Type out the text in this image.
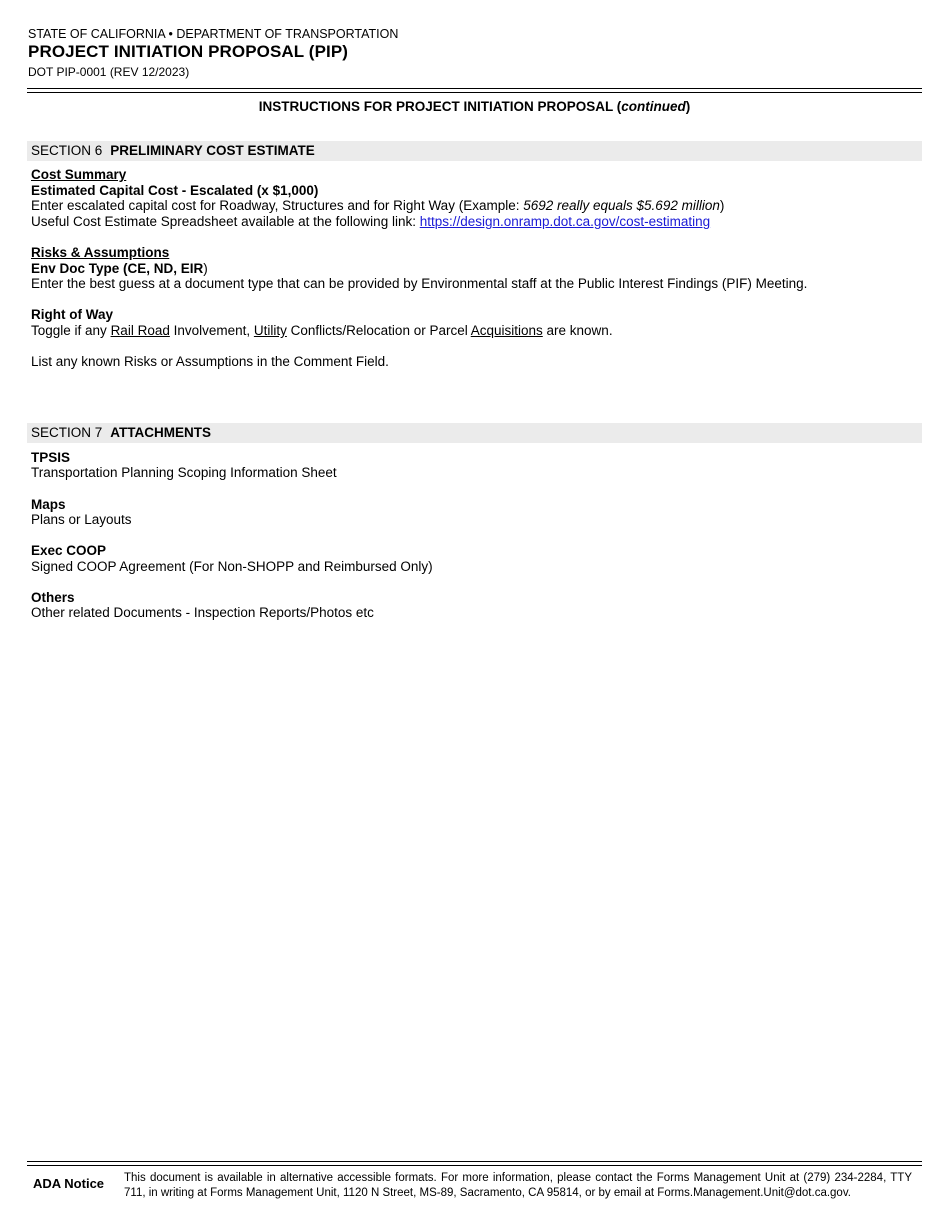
STATE OF CALIFORNIA • DEPARTMENT OF TRANSPORTATION
PROJECT INITIATION PROPOSAL (PIP)
DOT PIP-0001 (REV 12/2023)
INSTRUCTIONS FOR PROJECT INITIATION PROPOSAL (continued)
SECTION 6 PRELIMINARY COST ESTIMATE
Cost Summary
Estimated Capital Cost - Escalated (x $1,000)
Enter escalated capital cost for Roadway, Structures and for Right Way (Example: 5692 really equals $5.692 million)
Useful Cost Estimate Spreadsheet available at the following link: https://design.onramp.dot.ca.gov/cost-estimating
Risks & Assumptions
Env Doc Type (CE, ND, EIR)
Enter the best guess at a document type that can be provided by Environmental staff at the Public Interest Findings (PIF) Meeting.
Right of Way
Toggle if any Rail Road Involvement, Utility Conflicts/Relocation or Parcel Acquisitions are known.
List any known Risks or Assumptions in the Comment Field.
SECTION 7 ATTACHMENTS
TPSIS
Transportation Planning Scoping Information Sheet
Maps
Plans or Layouts
Exec COOP
Signed COOP Agreement (For Non-SHOPP and Reimbursed Only)
Others
Other related Documents - Inspection Reports/Photos etc
ADA Notice This document is available in alternative accessible formats. For more information, please contact the Forms Management Unit at (279) 234-2284, TTY 711, in writing at Forms Management Unit, 1120 N Street, MS-89, Sacramento, CA 95814, or by email at Forms.Management.Unit@dot.ca.gov.
